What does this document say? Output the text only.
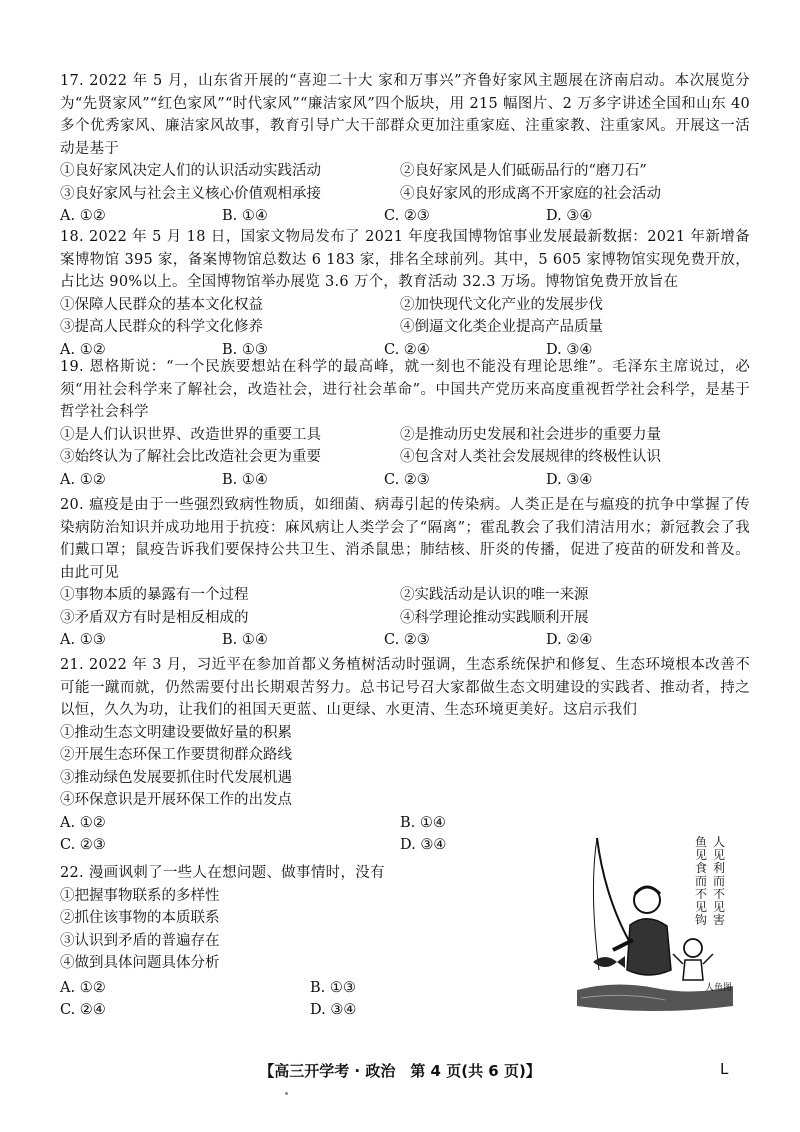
17. 2022 年 5 月，山东省开展的“喜迎二十大 家和万事兴”齐鲁好家风主题展在济南启动。本次展览分为“先贤家风”“红色家风”“时代家风”“廉洁家风”四个版块，用 215 幅图片、2 万多字讲述全国和山东 40 多个优秀家风、廉洁家风故事，教育引导广大干部群众更加注重家庭、注重家教、注重家风。开展这一活动是基于

①良好家风决定人们的认识活动实践活动	②良好家风是人们砥砺品行的“磨刀石”
③良好家风与社会主义核心价值观相承接	④良好家风的形成离不开家庭的社会活动
A. ①②	B. ①④	C. ②③	D. ③④

18. 2022 年 5 月 18 日，国家文物局发布了 2021 年度我国博物馆事业发展最新数据：2021 年新增备案博物馆 395 家，备案博物馆总数达 6 183 家，排名全球前列。其中，5 605 家博物馆实现免费开放，占比达 90%以上。全国博物馆举办展览 3.6 万个，教育活动 32.3 万场。博物馆免费开放旨在

①保障人民群众的基本文化权益	②加快现代文化产业的发展步伐
③提高人民群众的科学文化修养	④倒逼文化类企业提高产品质量
A. ①②	B. ①③	C. ②④	D. ③④

19. 恩格斯说：“一个民族要想站在科学的最高峰，就一刻也不能没有理论思维”。毛泽东主席说过，必须“用社会科学来了解社会，改造社会，进行社会革命”。中国共产党历来高度重视哲学社会科学，是基于哲学社会科学

①是人们认识世界、改造世界的重要工具	②是推动历史发展和社会进步的重要力量
③始终认为了解社会比改造社会更为重要	④包含对人类社会发展规律的终极性认识
A. ①②	B. ①④	C. ②③	D. ③④

20. 瘟疫是由于一些强烈致病性物质，如细菌、病毒引起的传染病。人类正是在与瘟疫的抗争中掌握了传染病防治知识并成功地用于抗疫：麻风病让人类学会了“隔离”；霍乱教会了我们清洁用水；新冠教会了我们戴口罩；鼠疫告诉我们要保持公共卫生、消杀鼠患；肺结核、肝炎的传播，促进了疫苗的研发和普及。由此可见

①事物本质的暴露有一个过程	②实践活动是认识的唯一来源
③矛盾双方有时是相反相成的	④科学理论推动实践顺利开展
A. ①③	B. ①④	C. ②③	D. ②④

21. 2022 年 3 月，习近平在参加首都义务植树活动时强调，生态系统保护和修复、生态环境根本改善不可能一蹴而就，仍然需要付出长期艰苦努力。总书记号召大家都做生态文明建设的实践者、推动者，持之以恒，久久为功，让我们的祖国天更蓝、山更绿、水更清、生态环境更美好。这启示我们

①推动生态文明建设要做好量的积累
②开展生态环保工作要贯彻群众路线
③推动绿色发展要抓住时代发展机遇
④环保意识是开展环保工作的出发点
A. ①②	B. ①④
C. ②③	D. ③④

22. 漫画讽刺了一些人在想问题、做事情时，没有

①把握事物联系的多样性
②抓住该事物的本质联系
③认识到矛盾的普遍存在
④做到具体问题具体分析
A. ①②	B. ①③
C. ②④	D. ③④
人见利而不见害
鱼见食而不见钩
人鱼图
【高三开学考 · 政治　第 4 页(共 6 页)】	L
